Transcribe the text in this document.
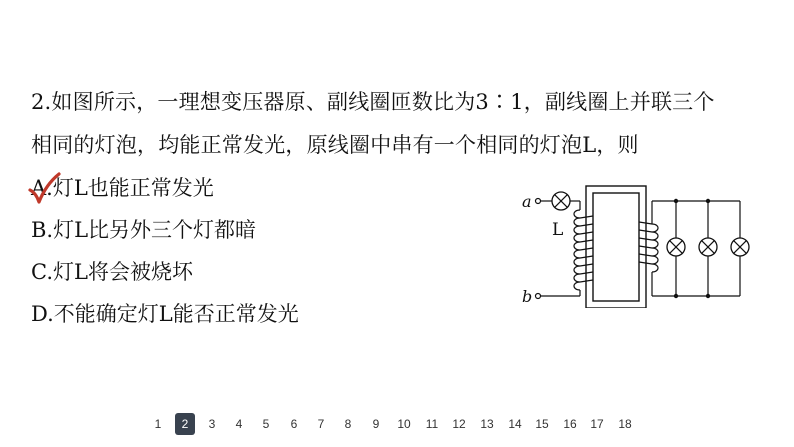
2.如图所示，一理想变压器原、副线圈匝数比为3∶1，副线圈上并联三个
相同的灯泡，均能正常发光，原线圈中串有一个相同的灯泡L，则
A.灯L也能正常发光
B.灯L比另外三个灯都暗
C.灯L将会被烧坏
D.不能确定灯L能否正常发光
a
b
L
1	2	3 4 5 6 7 8 9 10 11 12 13 14 15 16 17 18
